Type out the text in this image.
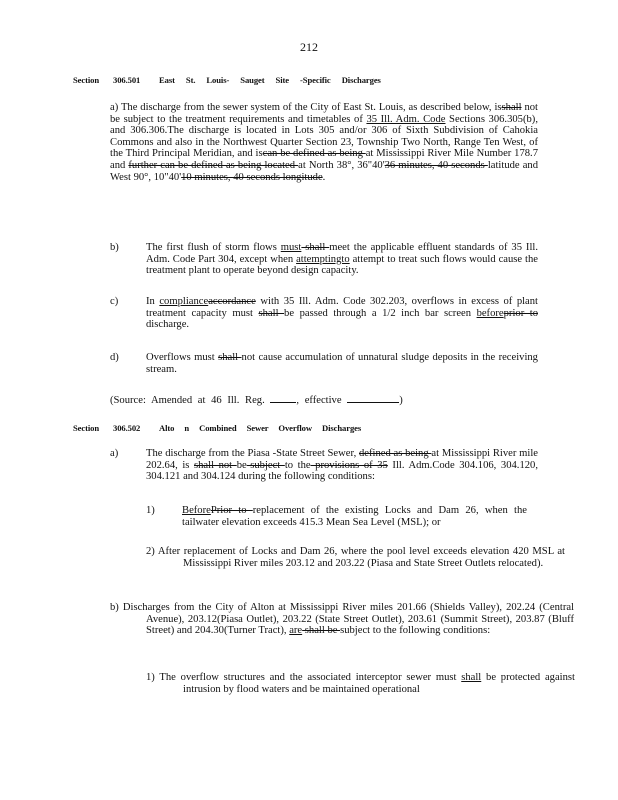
212
Section 306.501 East St. Louis- Sauget Site -Specific Discharges
a) The discharge from the sewer system of the City of East St. Louis, as described below, isshall not be subject to the treatment requirements and timetables of 35 Ill. Adm. Code Sections 306.305(b), and 306.306.The discharge is located in Lots 305 and/or 306 of Sixth Subdivision of Cahokia Commons and also in the Northwest Quarter Section 23, Township Two North, Range Ten West, of the Third Principal Meridian, and iscan be defined as being at Mississippi River Mile Number 178.7 and further can be defined as being located at North 38°, 36"40'36 minutes, 40 seconds latitude and West 90°, 10"40'10 minutes, 40 seconds longitude.
b)	The first flush of storm flows must shall meet the applicable effluent standards of 35 Ill. Adm. Code Part 304, except when attemptingto attempt to treat such flows would cause the treatment plant to operate beyond design capacity.
c)	In complianceaccordance with 35 Ill. Adm. Code 302.203, overflows in excess of plant treatment capacity must shall be passed through a 1/2 inch bar screen beforeprior to discharge.
d)	Overflows must shall not cause accumulation of unnatural sludge deposits in the receiving stream.
(Source: Amended at 46 Ill. Reg. , effective	)
Section 306.502 Alto n Combined Sewer Overflow Discharges
a)	The discharge from the Piasa -State Street Sewer, defined as being at Mississippi River mile 202.64, is shall not be-subject to the provisions of 35 Ill. Adm.Code 304.106, 304.120, 304.121 and 304.124 during the following conditions:
1)	BeforePrior to replacement of the existing Locks and Dam 26, when the tailwater elevation exceeds 415.3 Mean Sea Level (MSL); or
2) After replacement of Locks and Dam 26, where the pool level exceeds elevation 420 MSL at Mississippi River miles 203.12 and 203.22 (Piasa and State Street Outlets relocated).
b) Discharges from the City of Alton at Mississippi River miles 201.66 (Shields Valley), 202.24 (Central Avenue), 203.12(Piasa Outlet), 203.22 (State Street Outlet), 203.61 (Summit Street), 203.87 (Bluff Street) and 204.30(Turner Tract), are shall be subject to the following conditions:
1) The overflow structures and the associated interceptor sewer must shall be protected against intrusion by flood waters and be maintained operational
